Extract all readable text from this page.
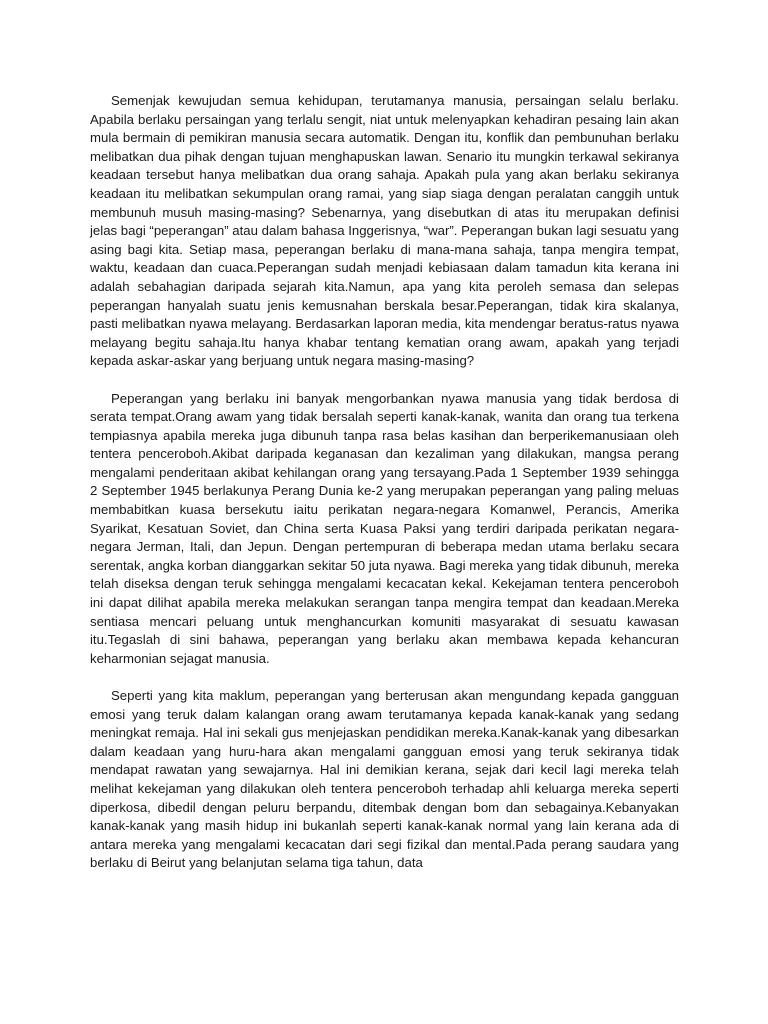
Semenjak kewujudan semua kehidupan, terutamanya manusia, persaingan selalu berlaku. Apabila berlaku persaingan yang terlalu sengit, niat untuk melenyapkan kehadiran pesaing lain akan mula bermain di pemikiran manusia secara automatik. Dengan itu, konflik dan pembunuhan berlaku melibatkan dua pihak dengan tujuan menghapuskan lawan. Senario itu mungkin terkawal sekiranya keadaan tersebut hanya melibatkan dua orang sahaja. Apakah pula yang akan berlaku sekiranya keadaan itu melibatkan sekumpulan orang ramai, yang siap siaga dengan peralatan canggih untuk membunuh musuh masing-masing? Sebenarnya, yang disebutkan di atas itu merupakan definisi jelas bagi “peperangan” atau dalam bahasa Inggerisnya, “war”. Peperangan bukan lagi sesuatu yang asing bagi kita. Setiap masa, peperangan berlaku di mana-mana sahaja, tanpa mengira tempat, waktu, keadaan dan cuaca.Peperangan sudah menjadi kebiasaan dalam tamadun kita kerana ini adalah sebahagian daripada sejarah kita.Namun, apa yang kita peroleh semasa dan selepas peperangan hanyalah suatu jenis kemusnahan berskala besar.Peperangan, tidak kira skalanya, pasti melibatkan nyawa melayang. Berdasarkan laporan media, kita mendengar beratus-ratus nyawa melayang begitu sahaja.Itu hanya khabar tentang kematian orang awam, apakah yang terjadi kepada askar-askar yang berjuang untuk negara masing-masing?

Peperangan yang berlaku ini banyak mengorbankan nyawa manusia yang tidak berdosa di serata tempat.Orang awam yang tidak bersalah seperti kanak-kanak, wanita dan orang tua terkena tempiasnya apabila mereka juga dibunuh tanpa rasa belas kasihan dan berperikemanusiaan oleh tentera penceroboh.Akibat daripada keganasan dan kezaliman yang dilakukan, mangsa perang mengalami penderitaan akibat kehilangan orang yang tersayang.Pada 1 September 1939 sehingga 2 September 1945 berlakunya Perang Dunia ke-2 yang merupakan peperangan yang paling meluas membabitkan kuasa bersekutu iaitu perikatan negara-negara Komanwel, Perancis, Amerika Syarikat, Kesatuan Soviet, dan China serta Kuasa Paksi yang terdiri daripada perikatan negara-negara Jerman, Itali, dan Jepun. Dengan pertempuran di beberapa medan utama berlaku secara serentak, angka korban dianggarkan sekitar 50 juta nyawa. Bagi mereka yang tidak dibunuh, mereka telah diseksa dengan teruk sehingga mengalami kecacatan kekal. Kekejaman tentera penceroboh ini dapat dilihat apabila mereka melakukan serangan tanpa mengira tempat dan keadaan.Mereka sentiasa mencari peluang untuk menghancurkan komuniti masyarakat di sesuatu kawasan itu.Tegaslah di sini bahawa, peperangan yang berlaku akan membawa kepada kehancuran keharmonian sejagat manusia.

Seperti yang kita maklum, peperangan yang berterusan akan mengundang kepada gangguan emosi yang teruk dalam kalangan orang awam terutamanya kepada kanak-kanak yang sedang meningkat remaja. Hal ini sekali gus menjejaskan pendidikan mereka.Kanak-kanak yang dibesarkan dalam keadaan yang huru-hara akan mengalami gangguan emosi yang teruk sekiranya tidak mendapat rawatan yang sewajarnya. Hal ini demikian kerana, sejak dari kecil lagi mereka telah melihat kekejaman yang dilakukan oleh tentera penceroboh terhadap ahli keluarga mereka seperti diperkosa, dibedil dengan peluru berpandu, ditembak dengan bom dan sebagainya.Kebanyakan kanak-kanak yang masih hidup ini bukanlah seperti kanak-kanak normal yang lain kerana ada di antara mereka yang mengalami kecacatan dari segi fizikal dan mental.Pada perang saudara yang berlaku di Beirut yang belanjutan selama tiga tahun, data
